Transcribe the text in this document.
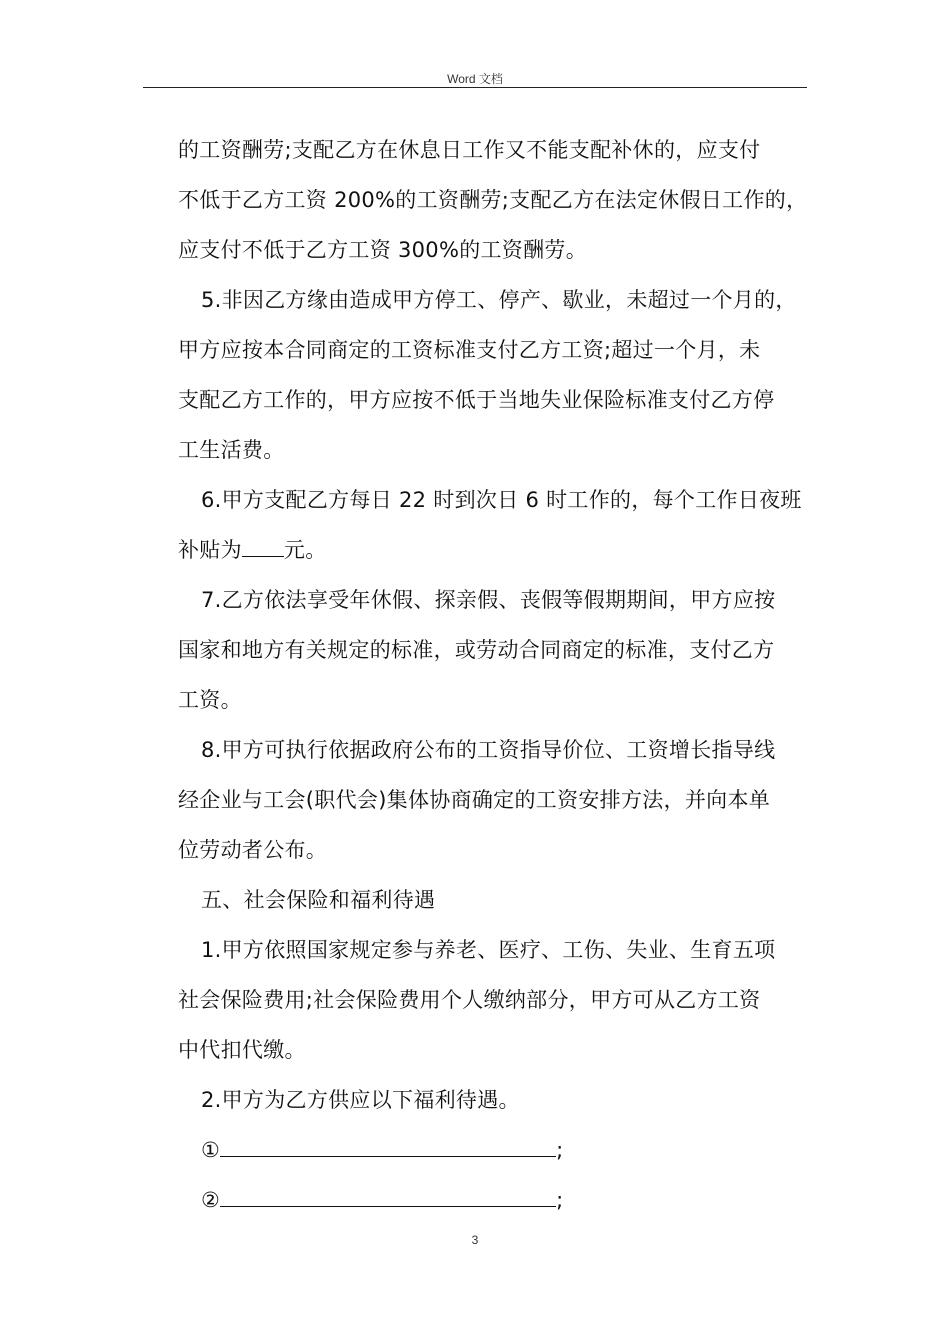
Word 文档
的工资酬劳;支配乙方在休息日工作又不能支配补休的，应支付
不低于乙方工资 200%的工资酬劳;支配乙方在法定休假日工作的，
应支付不低于乙方工资 300%的工资酬劳。
5.非因乙方缘由造成甲方停工、停产、歇业，未超过一个月的，
甲方应按本合同商定的工资标准支付乙方工资;超过一个月，未
支配乙方工作的，甲方应按不低于当地失业保险标准支付乙方停
工生活费。
6.甲方支配乙方每日 22 时到次日 6 时工作的，每个工作日夜班
补贴为 元。
7.乙方依法享受年休假、探亲假、丧假等假期期间，甲方应按
国家和地方有关规定的标准，或劳动合同商定的标准，支付乙方
工资。
8.甲方可执行依据政府公布的工资指导价位、工资增长指导线
经企业与工会(职代会)集体协商确定的工资安排方法，并向本单
位劳动者公布。
五、社会保险和福利待遇
1.甲方依照国家规定参与养老、医疗、工伤、失业、生育五项
社会保险费用;社会保险费用个人缴纳部分，甲方可从乙方工资
中代扣代缴。
2.甲方为乙方供应以下福利待遇。
①	;
②	;
3
